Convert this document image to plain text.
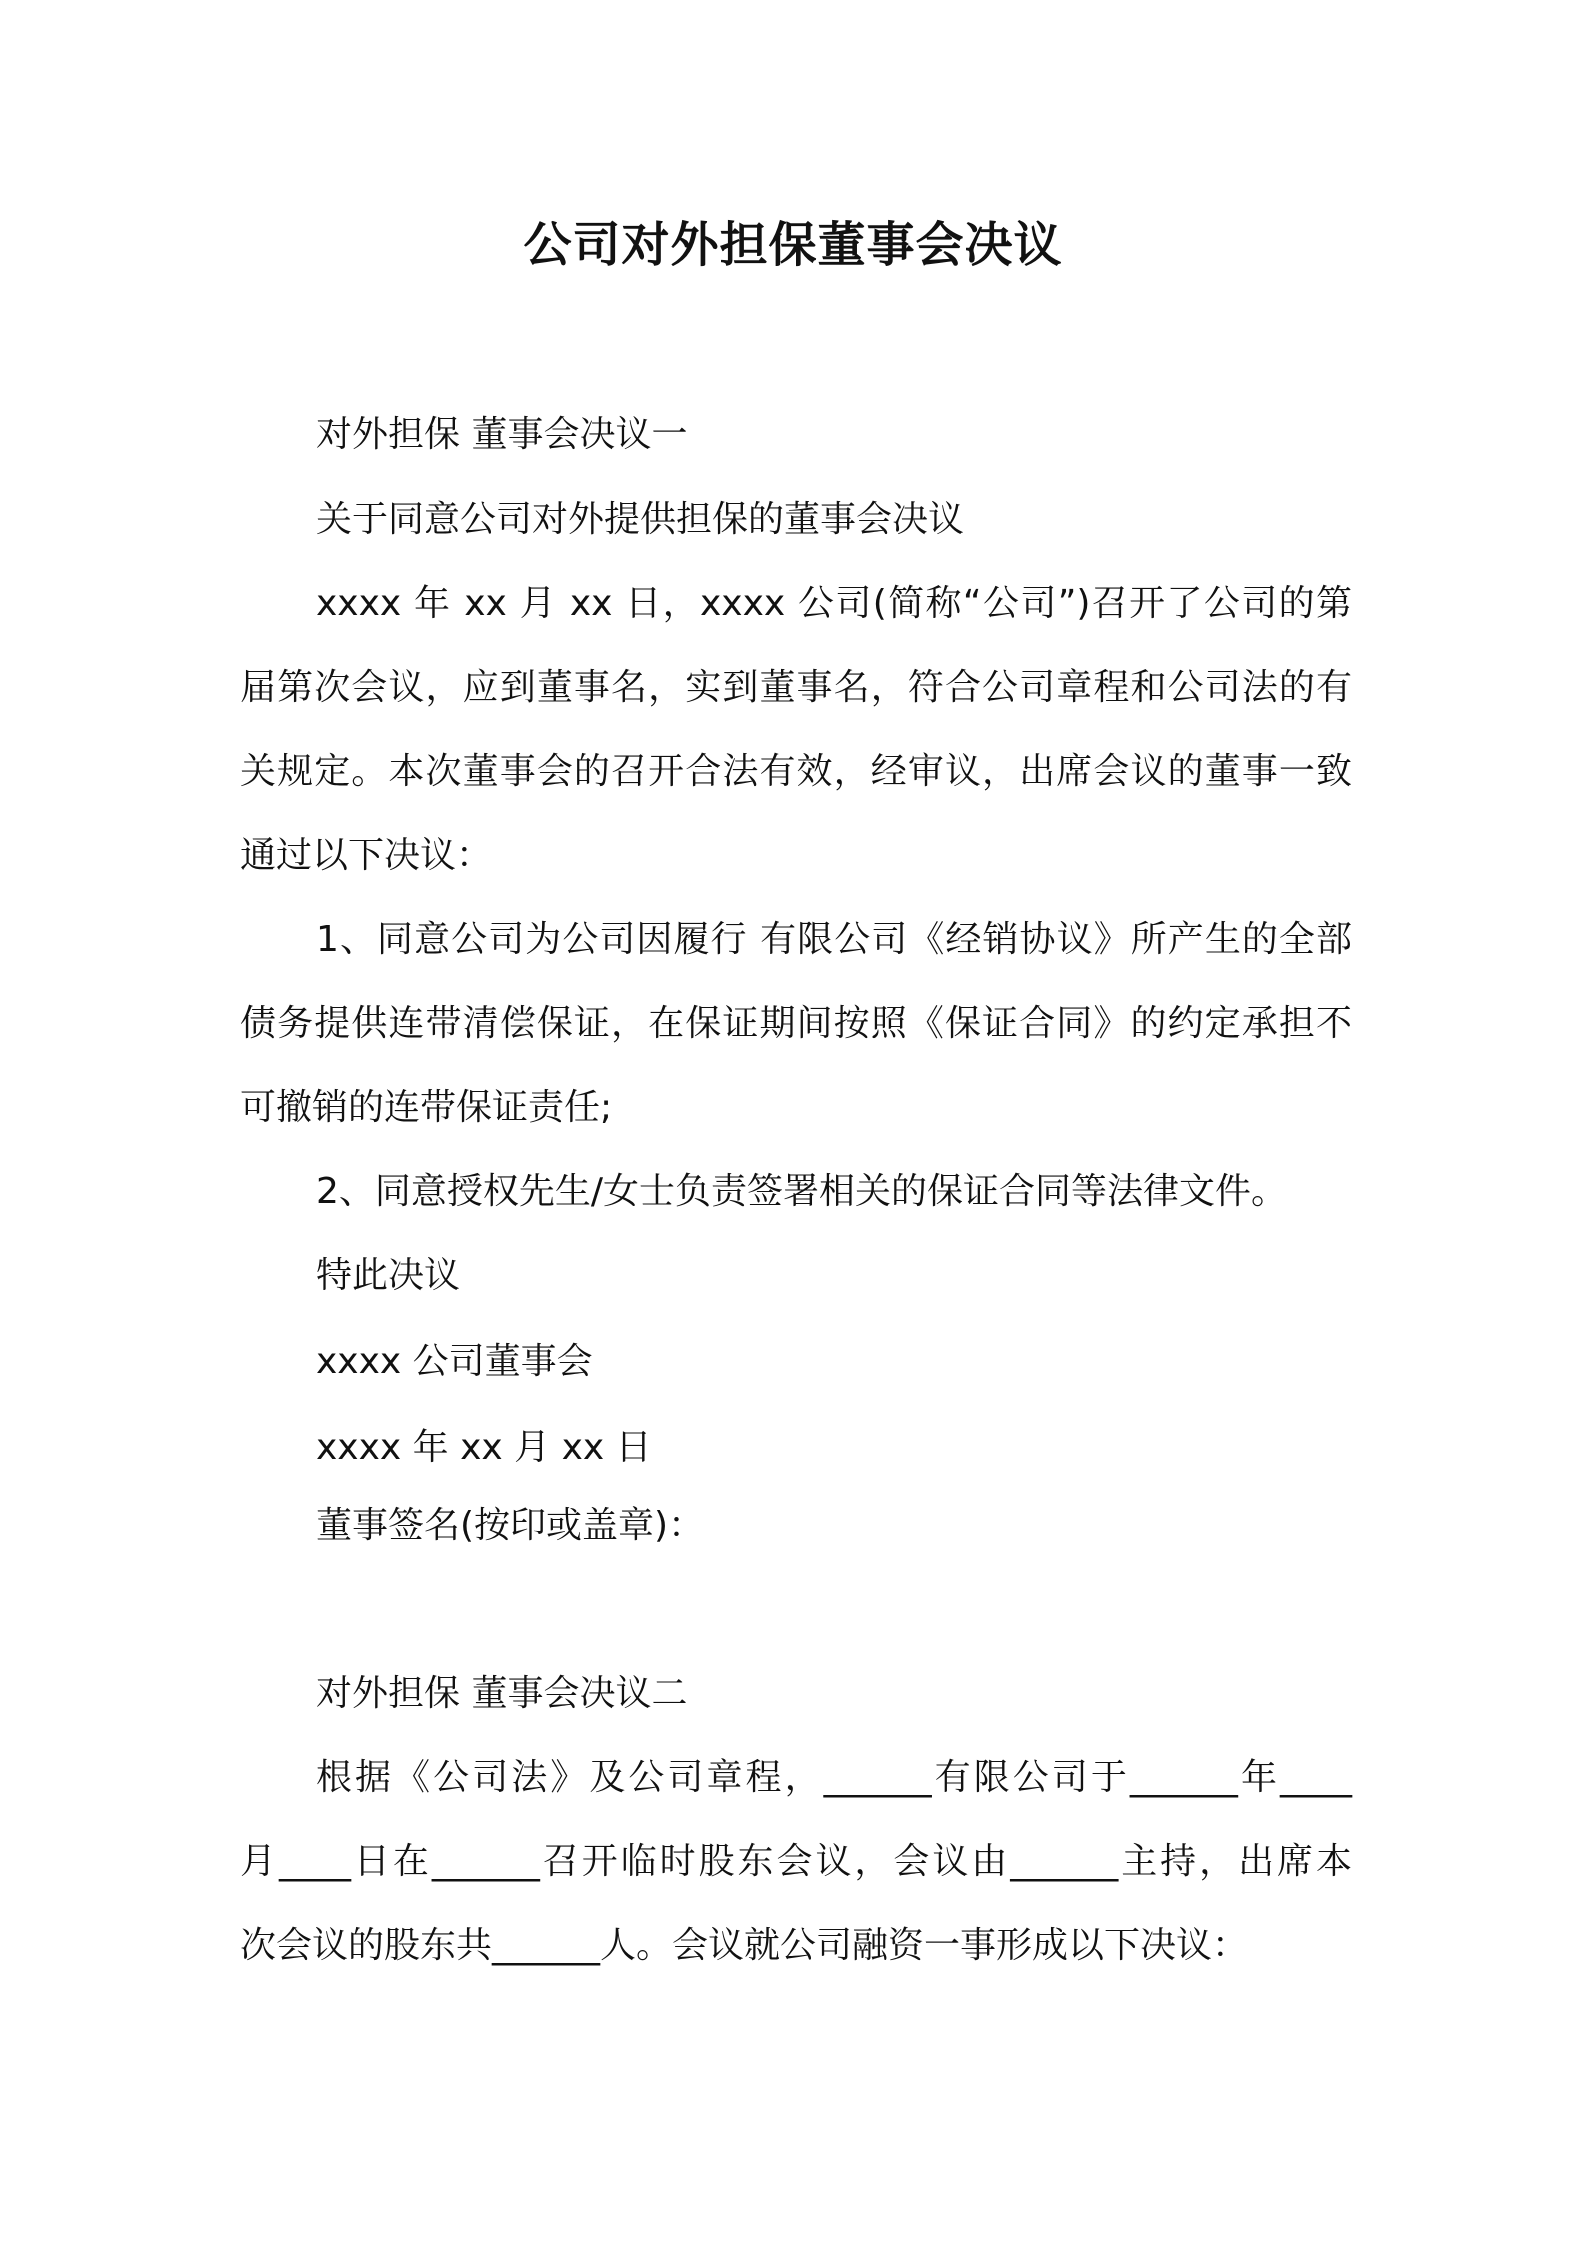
公司对外担保董事会决议
对外担保 董事会决议一
关于同意公司对外提供担保的董事会决议
xxxx 年 xx 月 xx 日，xxxx 公司(简称“公司”)召开了公司的第
届第次会议，应到董事名，实到董事名，符合公司章程和公司法的有
关规定。本次董事会的召开合法有效，经审议，出席会议的董事一致
通过以下决议：
1、同意公司为公司因履行 有限公司《经销协议》所产生的全部
债务提供连带清偿保证，在保证期间按照《保证合同》的约定承担不
可撤销的连带保证责任;
2、同意授权先生/女士负责签署相关的保证合同等法律文件。
特此决议
xxxx 公司董事会
xxxx 年 xx 月 xx 日
董事签名(按印或盖章)：
对外担保 董事会决议二
根据《公司法》及公司章程，______有限公司于______年____
月____日在______召开临时股东会议，会议由______主持，出席本
次会议的股东共______人。会议就公司融资一事形成以下决议：
